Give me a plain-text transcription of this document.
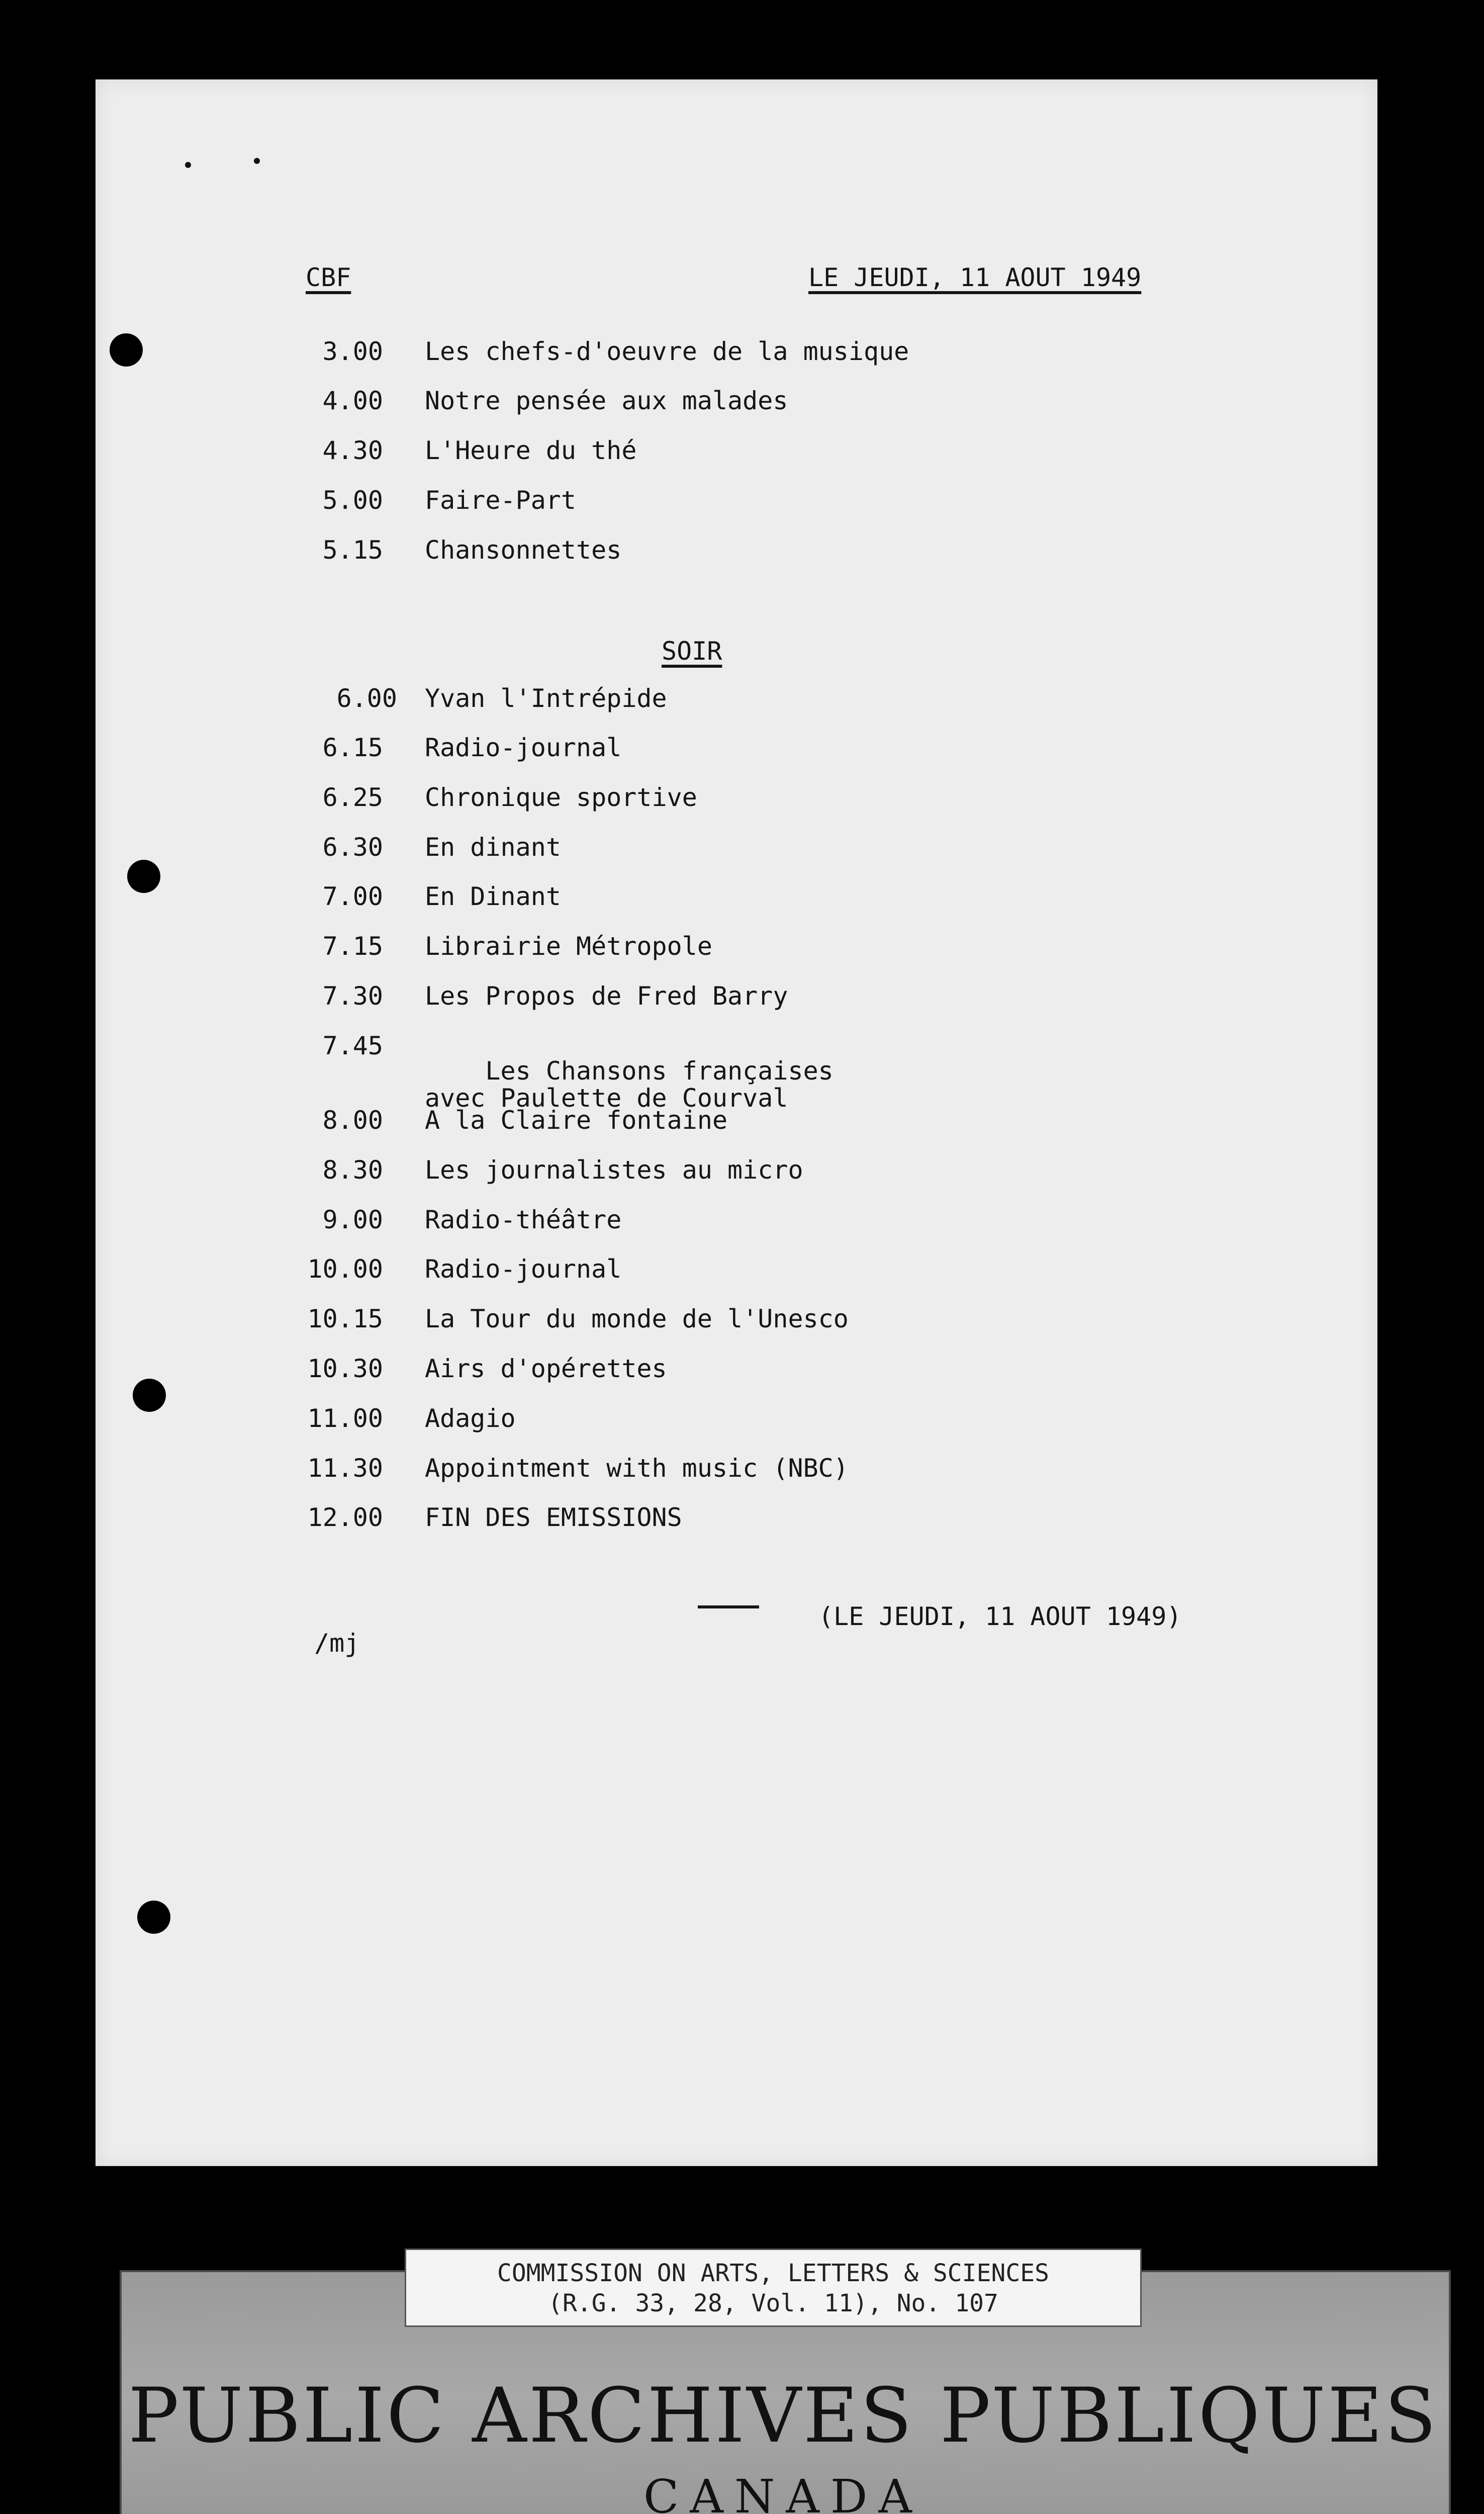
CBF	LE JEUDI, 11 AOUT 1949
3.00 Les chefs-d'oeuvre de la musique
4.00 Notre pensée aux malades
4.30 L'Heure du thé
5.00 Faire-Part
5.15 Chansonnettes
SOIR
6.00 Yvan l'Intrépide
6.15 Radio-journal
6.25 Chronique sportive
6.30 En dinant
7.00 En Dinant
7.15 Librairie Métropole
7.30 Les Propos de Fred Barry
7.45

Les Chansons françaises
avec Paulette de Courval

8.00 A la Claire fontaine
8.30 Les journalistes au micro
9.00 Radio-théâtre
10.00 Radio-journal
10.15 La Tour du monde de l'Unesco
10.30 Airs d'opérettes
11.00 Adagio
11.30 Appointment with music (NBC)
12.00 FIN DES EMISSIONS
(LE JEUDI, 11 AOUT 1949)
/mj
COMMISSION ON ARTS, LETTERS & SCIENCES
(R.G. 33, 28, Vol. 11), No. 107
PUBLIC ARCHIVES PUBLIQUES
CANADA
